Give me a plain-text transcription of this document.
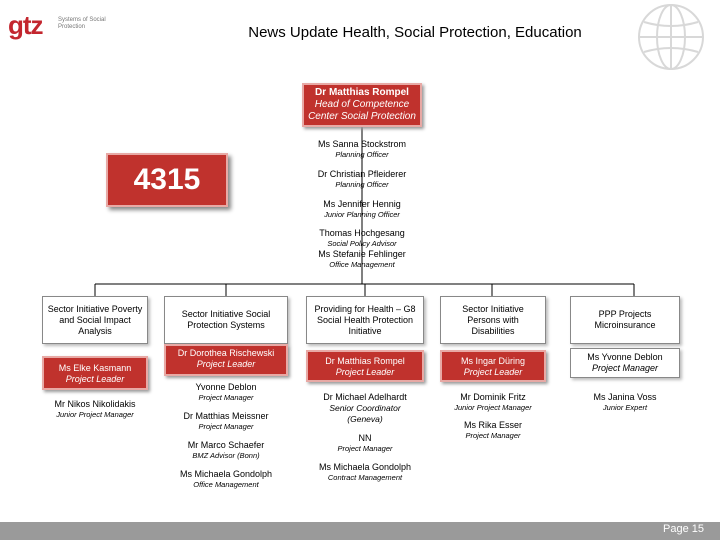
gtz	Systems of Social Protection	News Update Health, Social Protection, Education
Dr Matthias Rompel
Head of Competence Center Social Protection
4315
Ms Sanna Stockstrom
Planning Officer
Dr Christian Pfleiderer
Planning Officer
Ms Jennifer Hennig
Junior Planning Officer
Thomas Hochgesang
Social Policy Advisor
Ms Stefanie Fehlinger
Office Management
Sector Initiative Poverty and Social Impact Analysis
Ms Elke Kasmann
Project Leader
Mr Nikos Nikolidakis
Junior Project Manager
Sector Initiative Social Protection Systems
Dr Dorothea Rischewski
Project Leader
Yvonne Deblon
Project Manager
Dr Matthias Meissner
Project Manager
Mr Marco Schaefer
BMZ Advisor (Bonn)
Ms Michaela Gondolph
Office Management
Providing for Health – G8 Social Health Protection Initiative
Dr Matthias Rompel
Project Leader
Dr Michael Adelhardt
Senior Coordinator (Geneva)
NN
Project Manager
Ms Michaela Gondolph
Contract Management
Sector Initiative Persons with Disabilities
Ms Ingar Düring
Project Leader
Mr Dominik Fritz
Junior Project Manager
Ms Rika Esser
Project Manager
PPP Projects Microinsurance
Ms Yvonne Deblon
Project Manager
Ms Janina Voss
Junior Expert
Page 15
